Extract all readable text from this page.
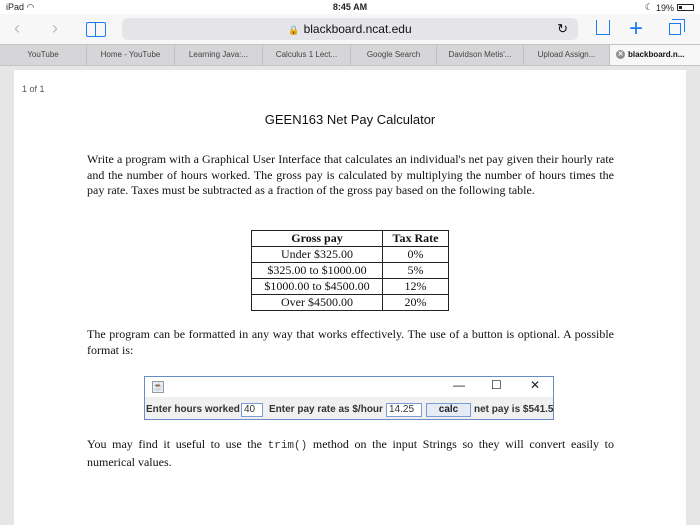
iPad ◠	8:45 AM	☾ 19%
‹ ›	🔒 blackboard.ncat.edu	↻	+
YouTube	Home - YouTube	Learning Java:...	Calculus 1 Lect...	Google Search	Davidson Metis'...	Upload Assign...	✕ blackboard.n...
1 of 1
GEEN163 Net Pay Calculator

Write a program with a Graphical User Interface that calculates an individual's net pay given their hourly rate and the number of hours worked. The gross pay is calculated by multiplying the number of hours times the pay rate. Taxes must be subtracted as a fraction of the gross pay based on the following table.

Gross pay	Tax Rate
Under $325.00	0%
$325.00 to $1000.00	5%
$1000.00 to $4500.00	12%
Over $4500.00	20%

The program can be formatted in any way that works effectively. The use of a button is optional. A possible format is:

☕	— ☐ ✕
Enter hours worked 40	Enter pay rate as $/hour 14.25	calc	net pay is $541.5

You may find it useful to use the trim() method on the input Strings so they will convert easily to numerical values.
